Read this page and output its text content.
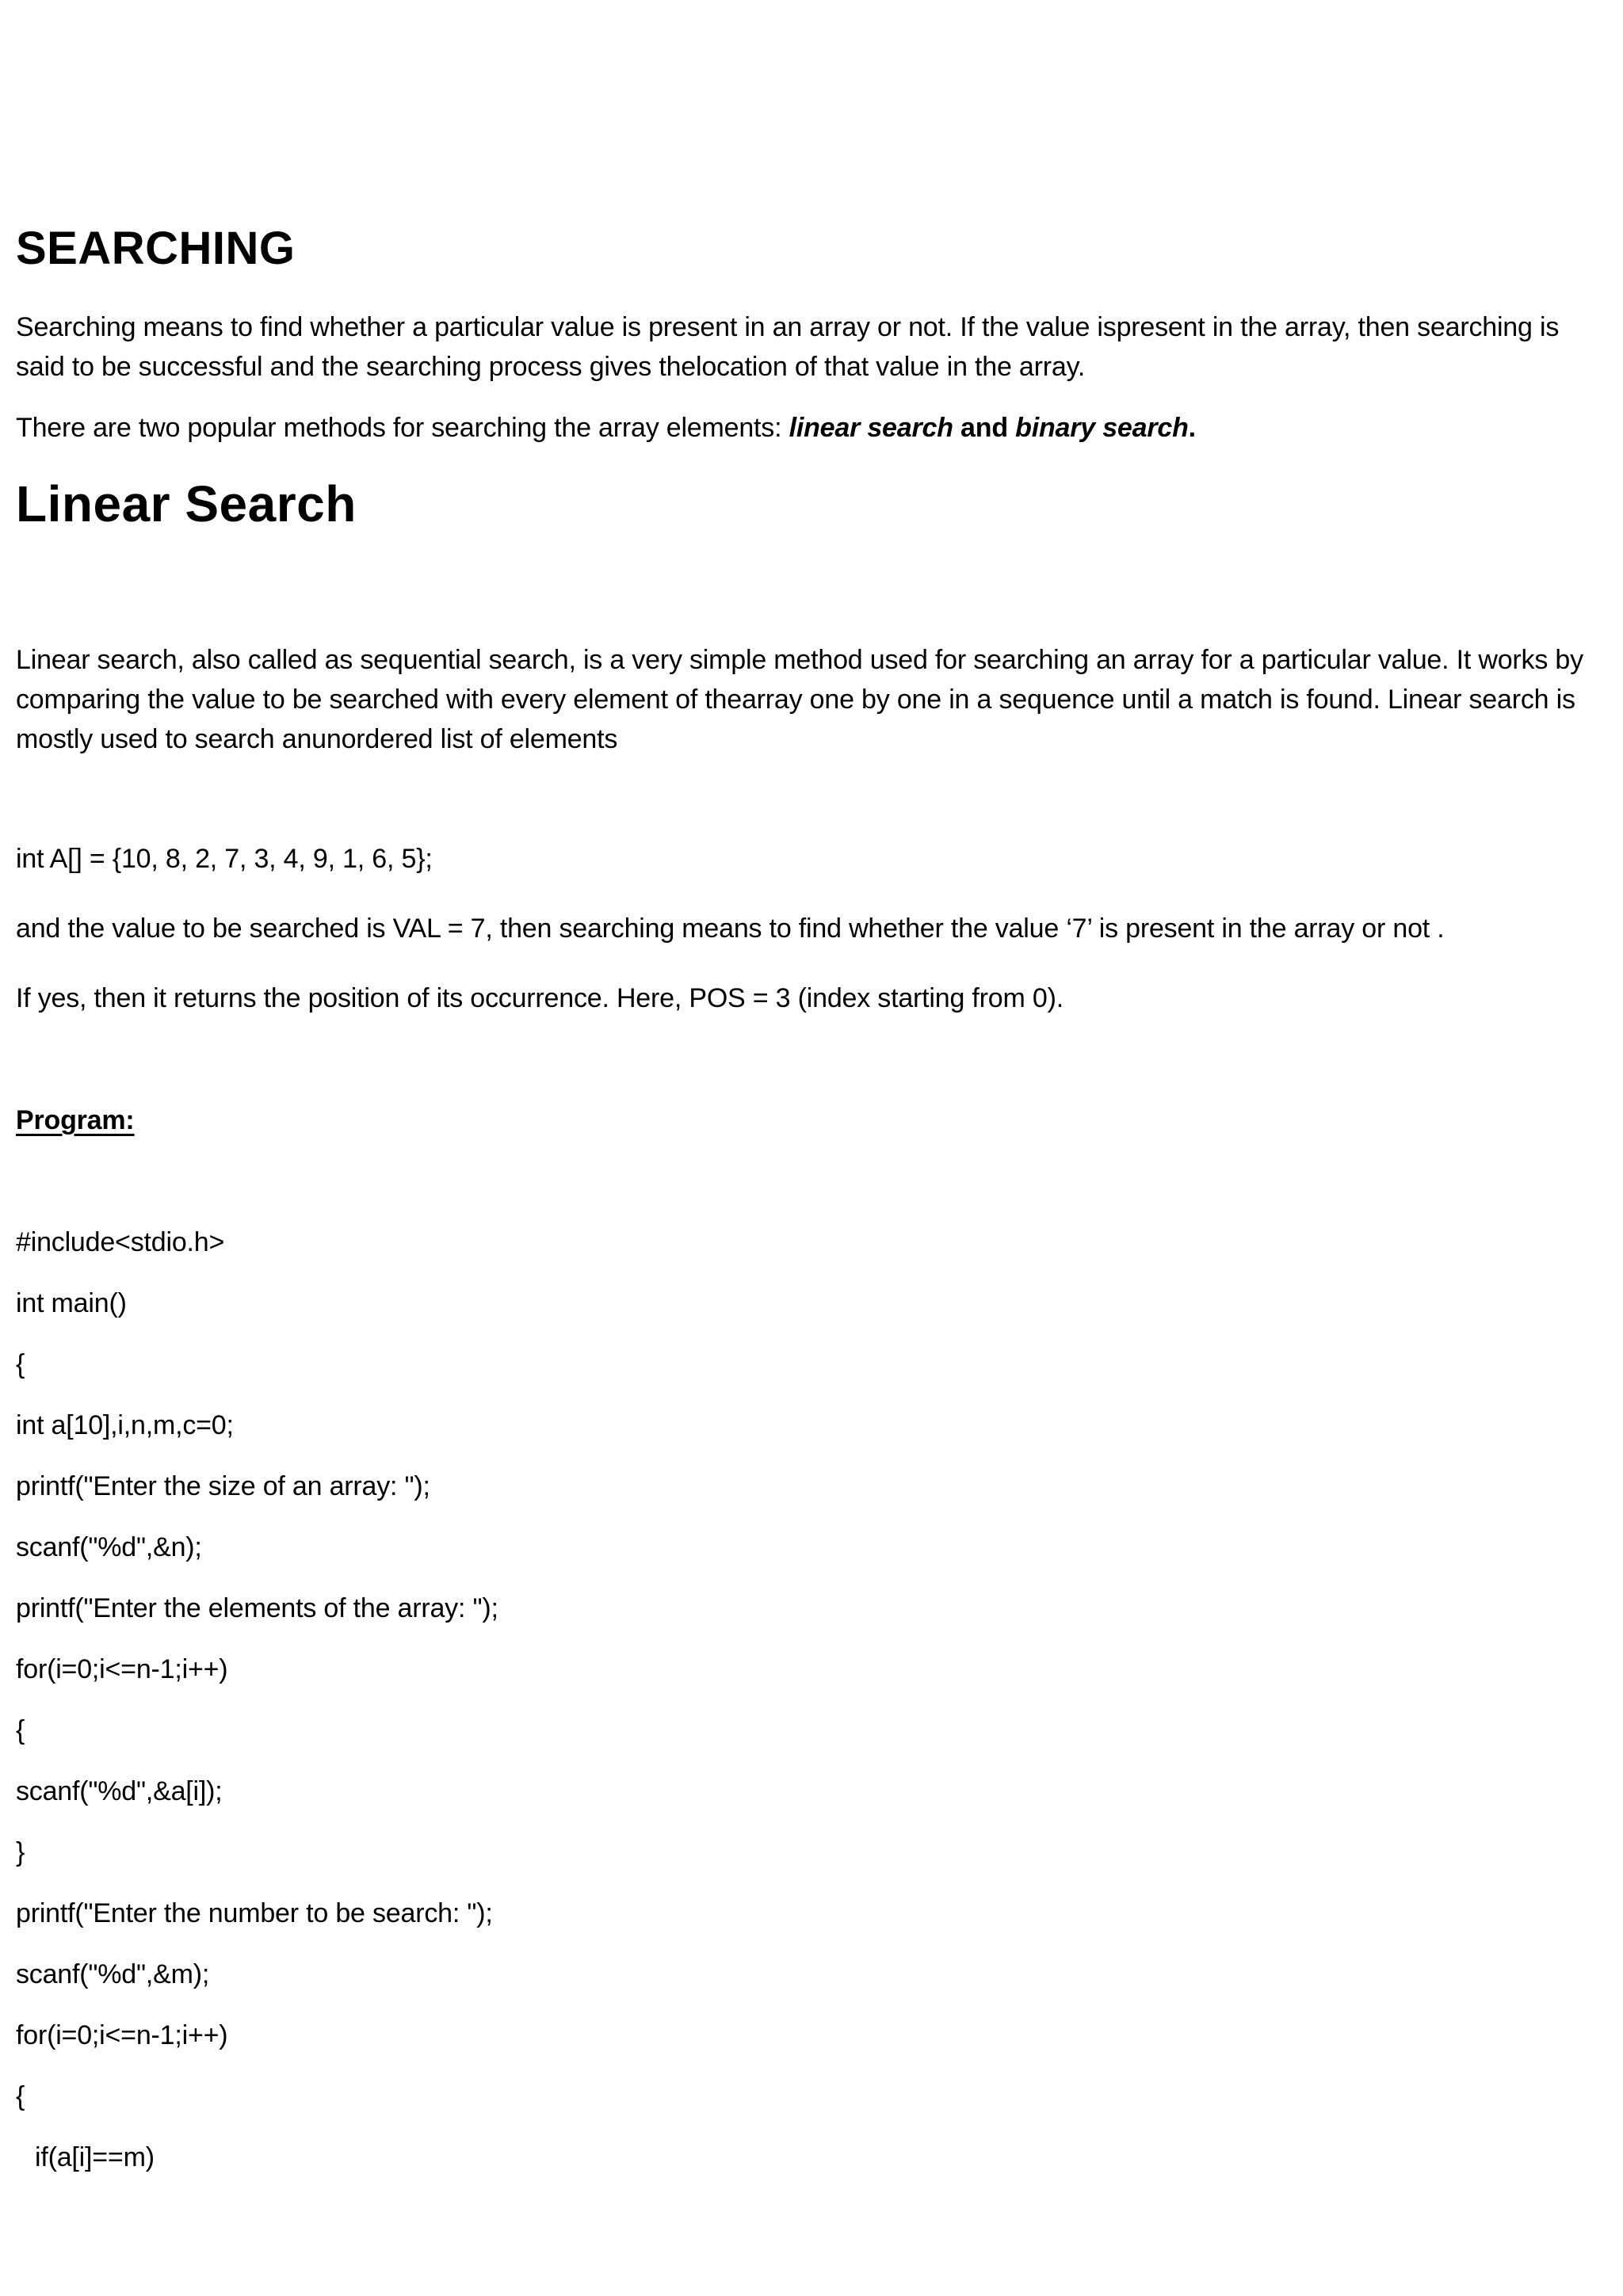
SEARCHING

Searching means to find whether a particular value is present in an array or not. If the value ispresent in the array, then searching is said to be successful and the searching process gives thelocation of that value in the array.

There are two popular methods for searching the array elements: linear search and binary search.

Linear Search

Linear search, also called as sequential search, is a very simple method used for searching an array for a particular value. It works by comparing the value to be searched with every element of thearray one by one in a sequence until a match is found. Linear search is mostly used to search anunordered list of elements

int A[] = {10, 8, 2, 7, 3, 4, 9, 1, 6, 5};

and the value to be searched is VAL = 7, then searching means to find whether the value ‘7’ is present in the array or not .

If yes, then it returns the position of its occurrence. Here, POS = 3 (index starting from 0).

Program:

#include<stdio.h>

int main()

{

int a[10],i,n,m,c=0;

printf("Enter the size of an array: ");

scanf("%d",&n);

printf("Enter the elements of the array: ");

for(i=0;i<=n-1;i++)

{

scanf("%d",&a[i]);

}

printf("Enter the number to be search: ");

scanf("%d",&m);

for(i=0;i<=n-1;i++)

{

if(a[i]==m)
